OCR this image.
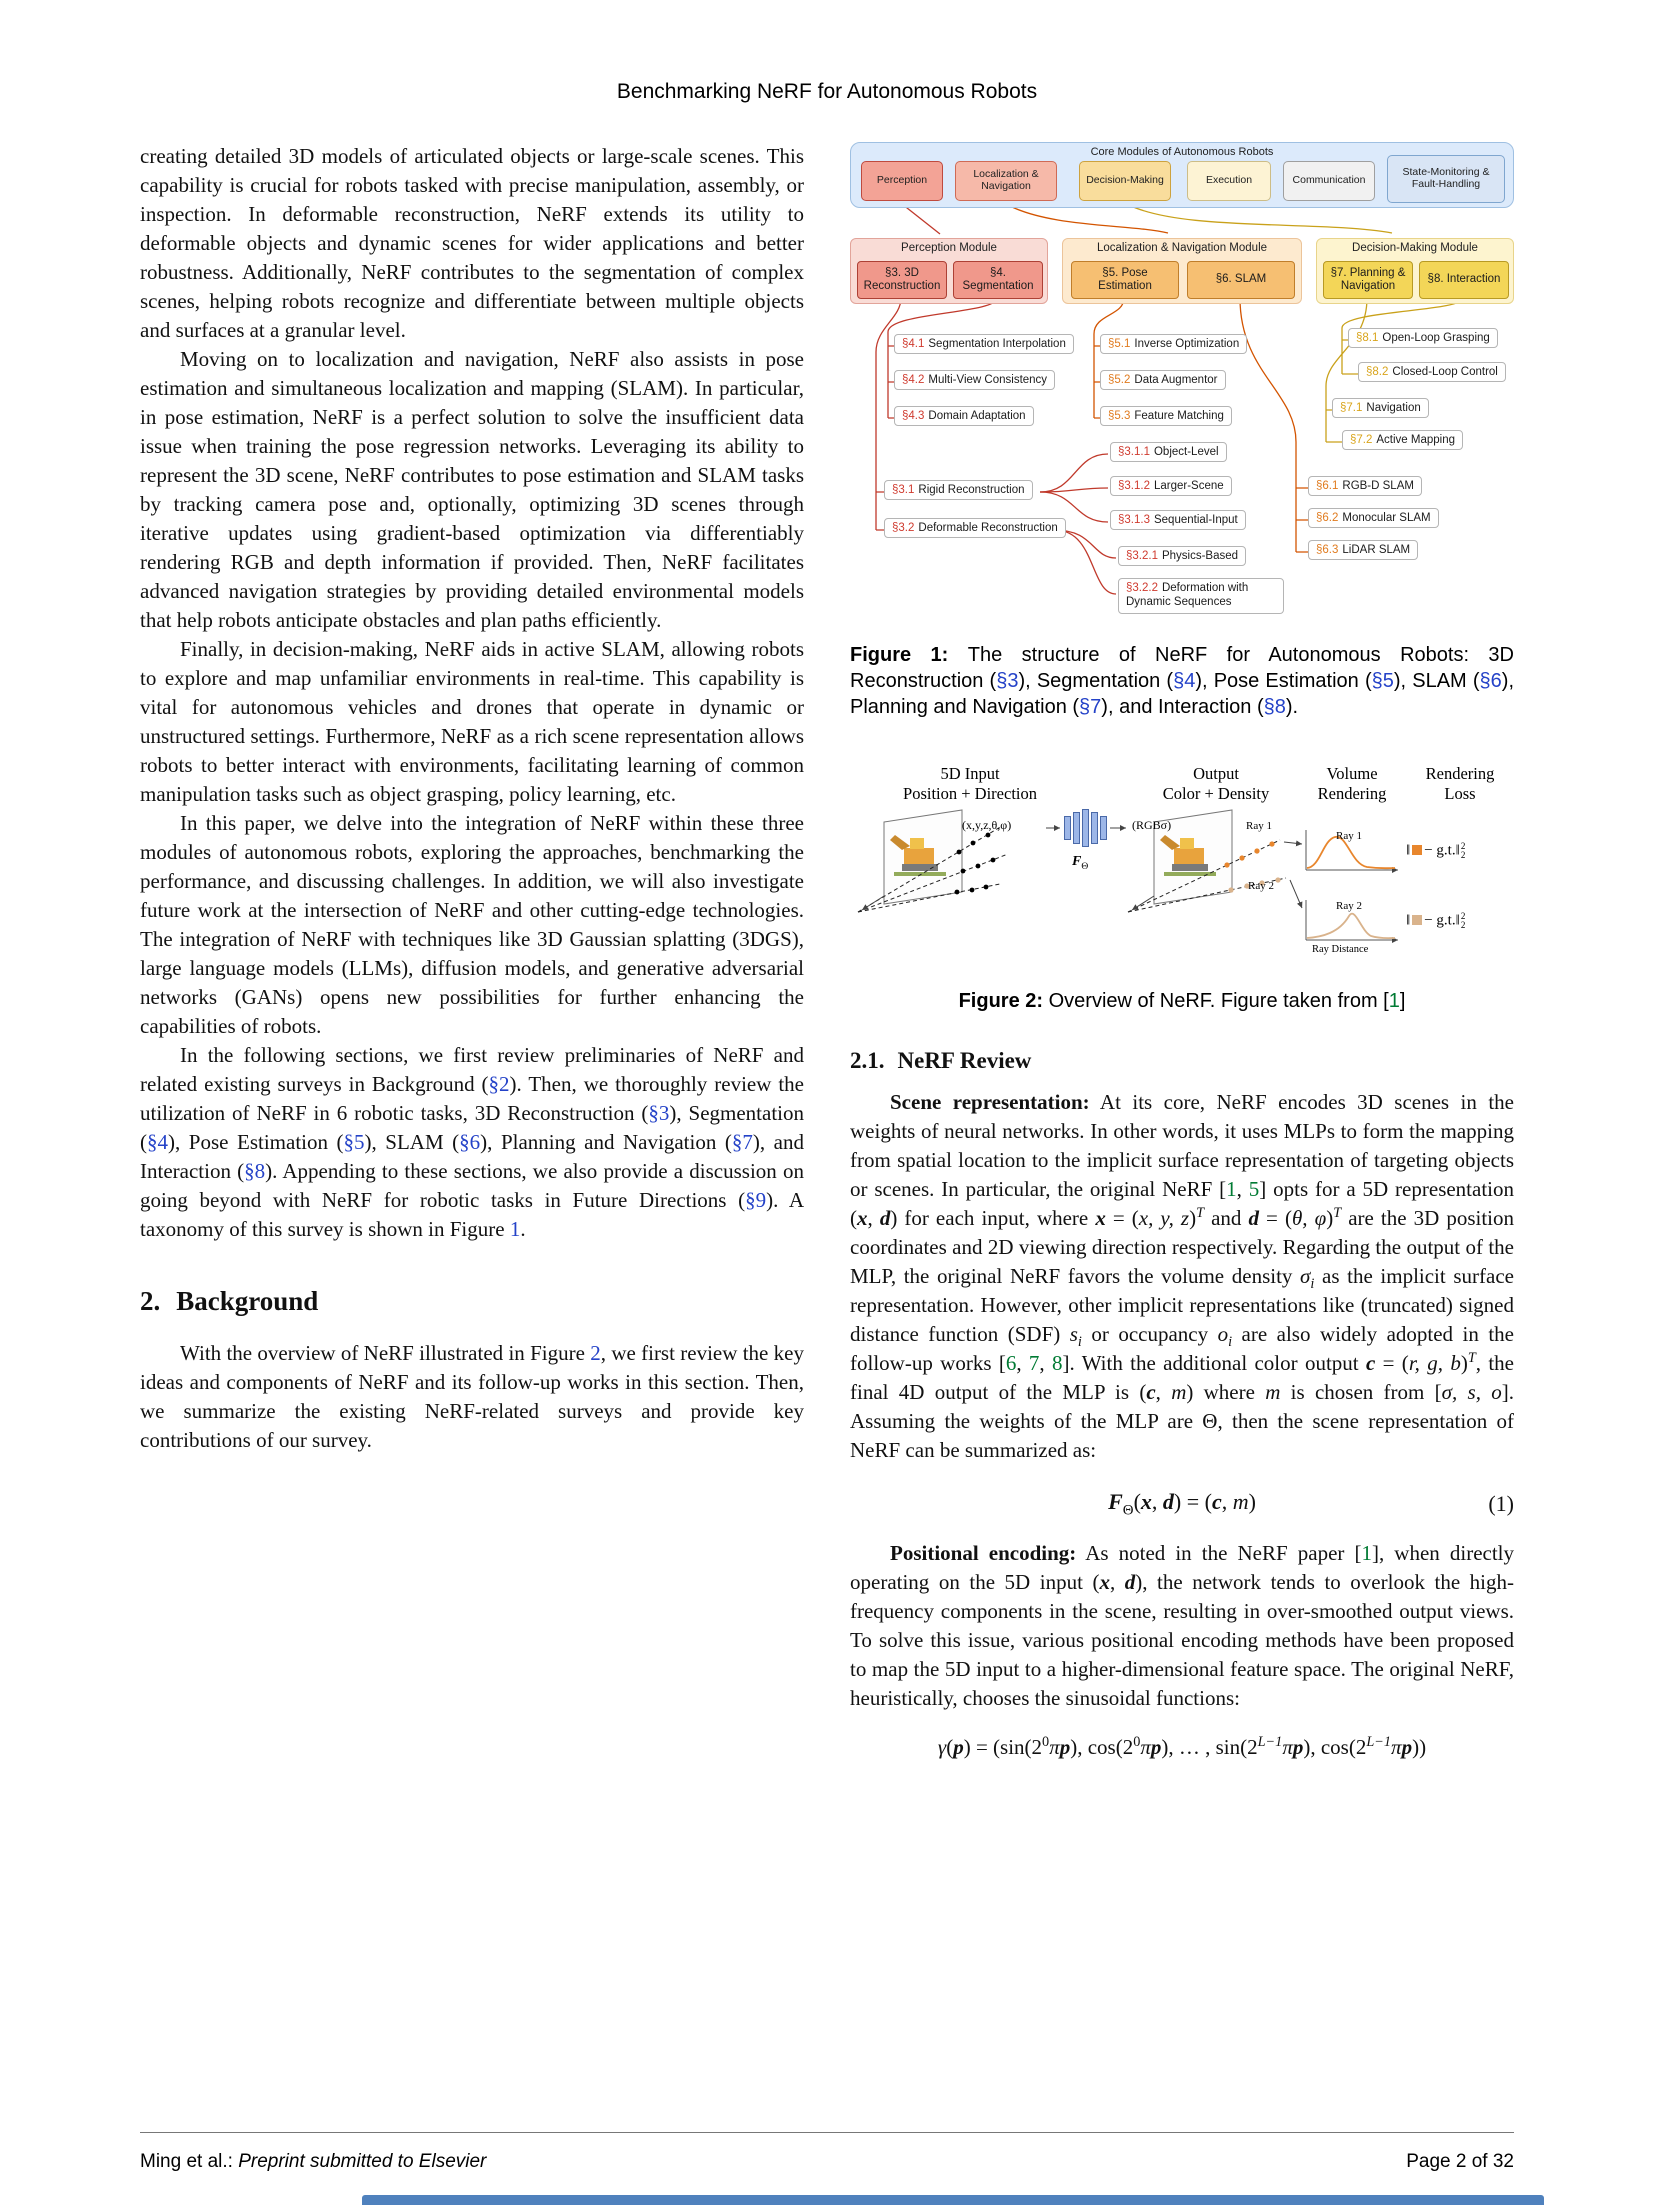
Benchmarking NeRF for Autonomous Robots

creating detailed 3D models of articulated objects or large-scale scenes. This capability is crucial for robots tasked with precise manipulation, assembly, or inspection. In deformable reconstruction, NeRF extends its utility to deformable objects and dynamic scenes for wider applications and better robustness. Additionally, NeRF contributes to the segmentation of complex scenes, helping robots recognize and differentiate between multiple objects and surfaces at a granular level.

Moving on to localization and navigation, NeRF also assists in pose estimation and simultaneous localization and mapping (SLAM). In particular, in pose estimation, NeRF is a perfect solution to solve the insufficient data issue when training the pose regression networks. Leveraging its ability to represent the 3D scene, NeRF contributes to pose estimation and SLAM tasks by tracking camera pose and, optionally, optimizing 3D scenes through iterative updates using gradient-based optimization via differentiably rendering RGB and depth information if provided. Then, NeRF facilitates advanced navigation strategies by providing detailed environmental models that help robots anticipate obstacles and plan paths efficiently.

Finally, in decision-making, NeRF aids in active SLAM, allowing robots to explore and map unfamiliar environments in real-time. This capability is vital for autonomous vehicles and drones that operate in dynamic or unstructured settings. Furthermore, NeRF as a rich scene representation allows robots to better interact with environments, facilitating learning of common manipulation tasks such as object grasping, policy learning, etc.

In this paper, we delve into the integration of NeRF within these three modules of autonomous robots, exploring the approaches, benchmarking the performance, and discussing challenges. In addition, we will also investigate future work at the intersection of NeRF and other cutting-edge technologies. The integration of NeRF with techniques like 3D Gaussian splatting (3DGS), large language models (LLMs), diffusion models, and generative adversarial networks (GANs) opens new possibilities for further enhancing the capabilities of robots.

In the following sections, we first review preliminaries of NeRF and related existing surveys in Background (§2). Then, we thoroughly review the utilization of NeRF in 6 robotic tasks, 3D Reconstruction (§3), Segmentation (§4), Pose Estimation (§5), SLAM (§6), Planning and Navigation (§7), and Interaction (§8). Appending to these sections, we also provide a discussion on going beyond with NeRF for robotic tasks in Future Directions (§9). A taxonomy of this survey is shown in Figure 1.

2. Background

With the overview of NeRF illustrated in Figure 2, we first review the key ideas and components of NeRF and its follow-up works in this section. Then, we summarize the existing NeRF-related surveys and provide key contributions of our survey.

Core Modules of Autonomous Robots
Perception	Localization & Navigation	Decision-Making	Execution	Communication
State-Monitoring & Fault-Handling
Perception Module
§3. 3D Reconstruction
§4. Segmentation
Localization & Navigation Module
§5. Pose Estimation
§6. SLAM
Decision-Making Module
§7. Planning & Navigation
§8. Interaction
§4.1 Segmentation Interpolation
§4.2 Multi-View Consistency
§4.3 Domain Adaptation
§5.1 Inverse Optimization
§5.2 Data Augmentor
§5.3 Feature Matching
§8.1 Open-Loop Grasping
§8.2 Closed-Loop Control
§7.1 Navigation
§7.2 Active Mapping
§3.1.1 Object-Level
§3.1.2 Larger-Scene
§3.1 Rigid Reconstruction
§3.1.3 Sequential-Input
§3.2 Deformable Reconstruction
§6.1 RGB-D SLAM
§6.2 Monocular SLAM
§3.2.1 Physics-Based	§6.3 LiDAR SLAM
§3.2.2 Deformation with Dynamic Sequences

Figure 1: The structure of NeRF for Autonomous Robots: 3D Reconstruction (§3), Segmentation (§4), Pose Estimation (§5), SLAM (§6), Planning and Navigation (§7), and Interaction (§8).

5D Input
Position + Direction
Output
Color + Density
Volume
Rendering
Rendering
Loss
(x,y,z,θ,φ)
$F_\Theta$
(RGBσ)	Ray 1
Ray 2
Ray 1
Ray 2
Ray Distance
‖ − g.t.‖ 2
2
‖ − g.t.‖ 2
2

Figure 2: Overview of NeRF. Figure taken from [1]

2.1. NeRF Review

Scene representation: At its core, NeRF encodes 3D scenes in the weights of neural networks. In other words, it uses MLPs to form the mapping from spatial location to the implicit surface representation of targeting objects or scenes. In particular, the original NeRF [1, 5] opts for a 5D representation (x, d) for each input, where x = (x, y, z)$^T$ and d = (θ, φ)$^T$ are the 3D position coordinates and 2D viewing direction respectively. Regarding the output of the MLP, the original NeRF favors the volume density $\sigma_i$ as the implicit surface representation. However, other implicit representations like (truncated) signed distance function (SDF) $s_i$ or occupancy $o_i$ are also widely adopted in the follow-up works [6, 7, 8]. With the additional color output c = (r, g, b)$^T$, the final 4D output of the MLP is (c, m) where m is chosen from [σ, s, o]. Assuming the weights of the MLP are Θ, then the scene representation of NeRF can be summarized as:

$F_\Theta(x$, d) = (c, m)	(1)

Positional encoding: As noted in the NeRF paper [1], when directly operating on the 5D input (x, d), the network tends to overlook the high-frequency components in the scene, resulting in over-smoothed output views. To solve this issue, various positional encoding methods have been proposed to map the 5D input to a higher-dimensional feature space. The original NeRF, heuristically, chooses the sinusoidal functions:

$\gamma(p) = (\sin(2^0\pi p)$, $\cos(2^0\pi p)$, … , $\sin(2^{L-1}\pi p)$, $\cos(2^{L-1}\pi p)$)
Ming et al.: Preprint submitted to Elsevier	Page 2 of 32
